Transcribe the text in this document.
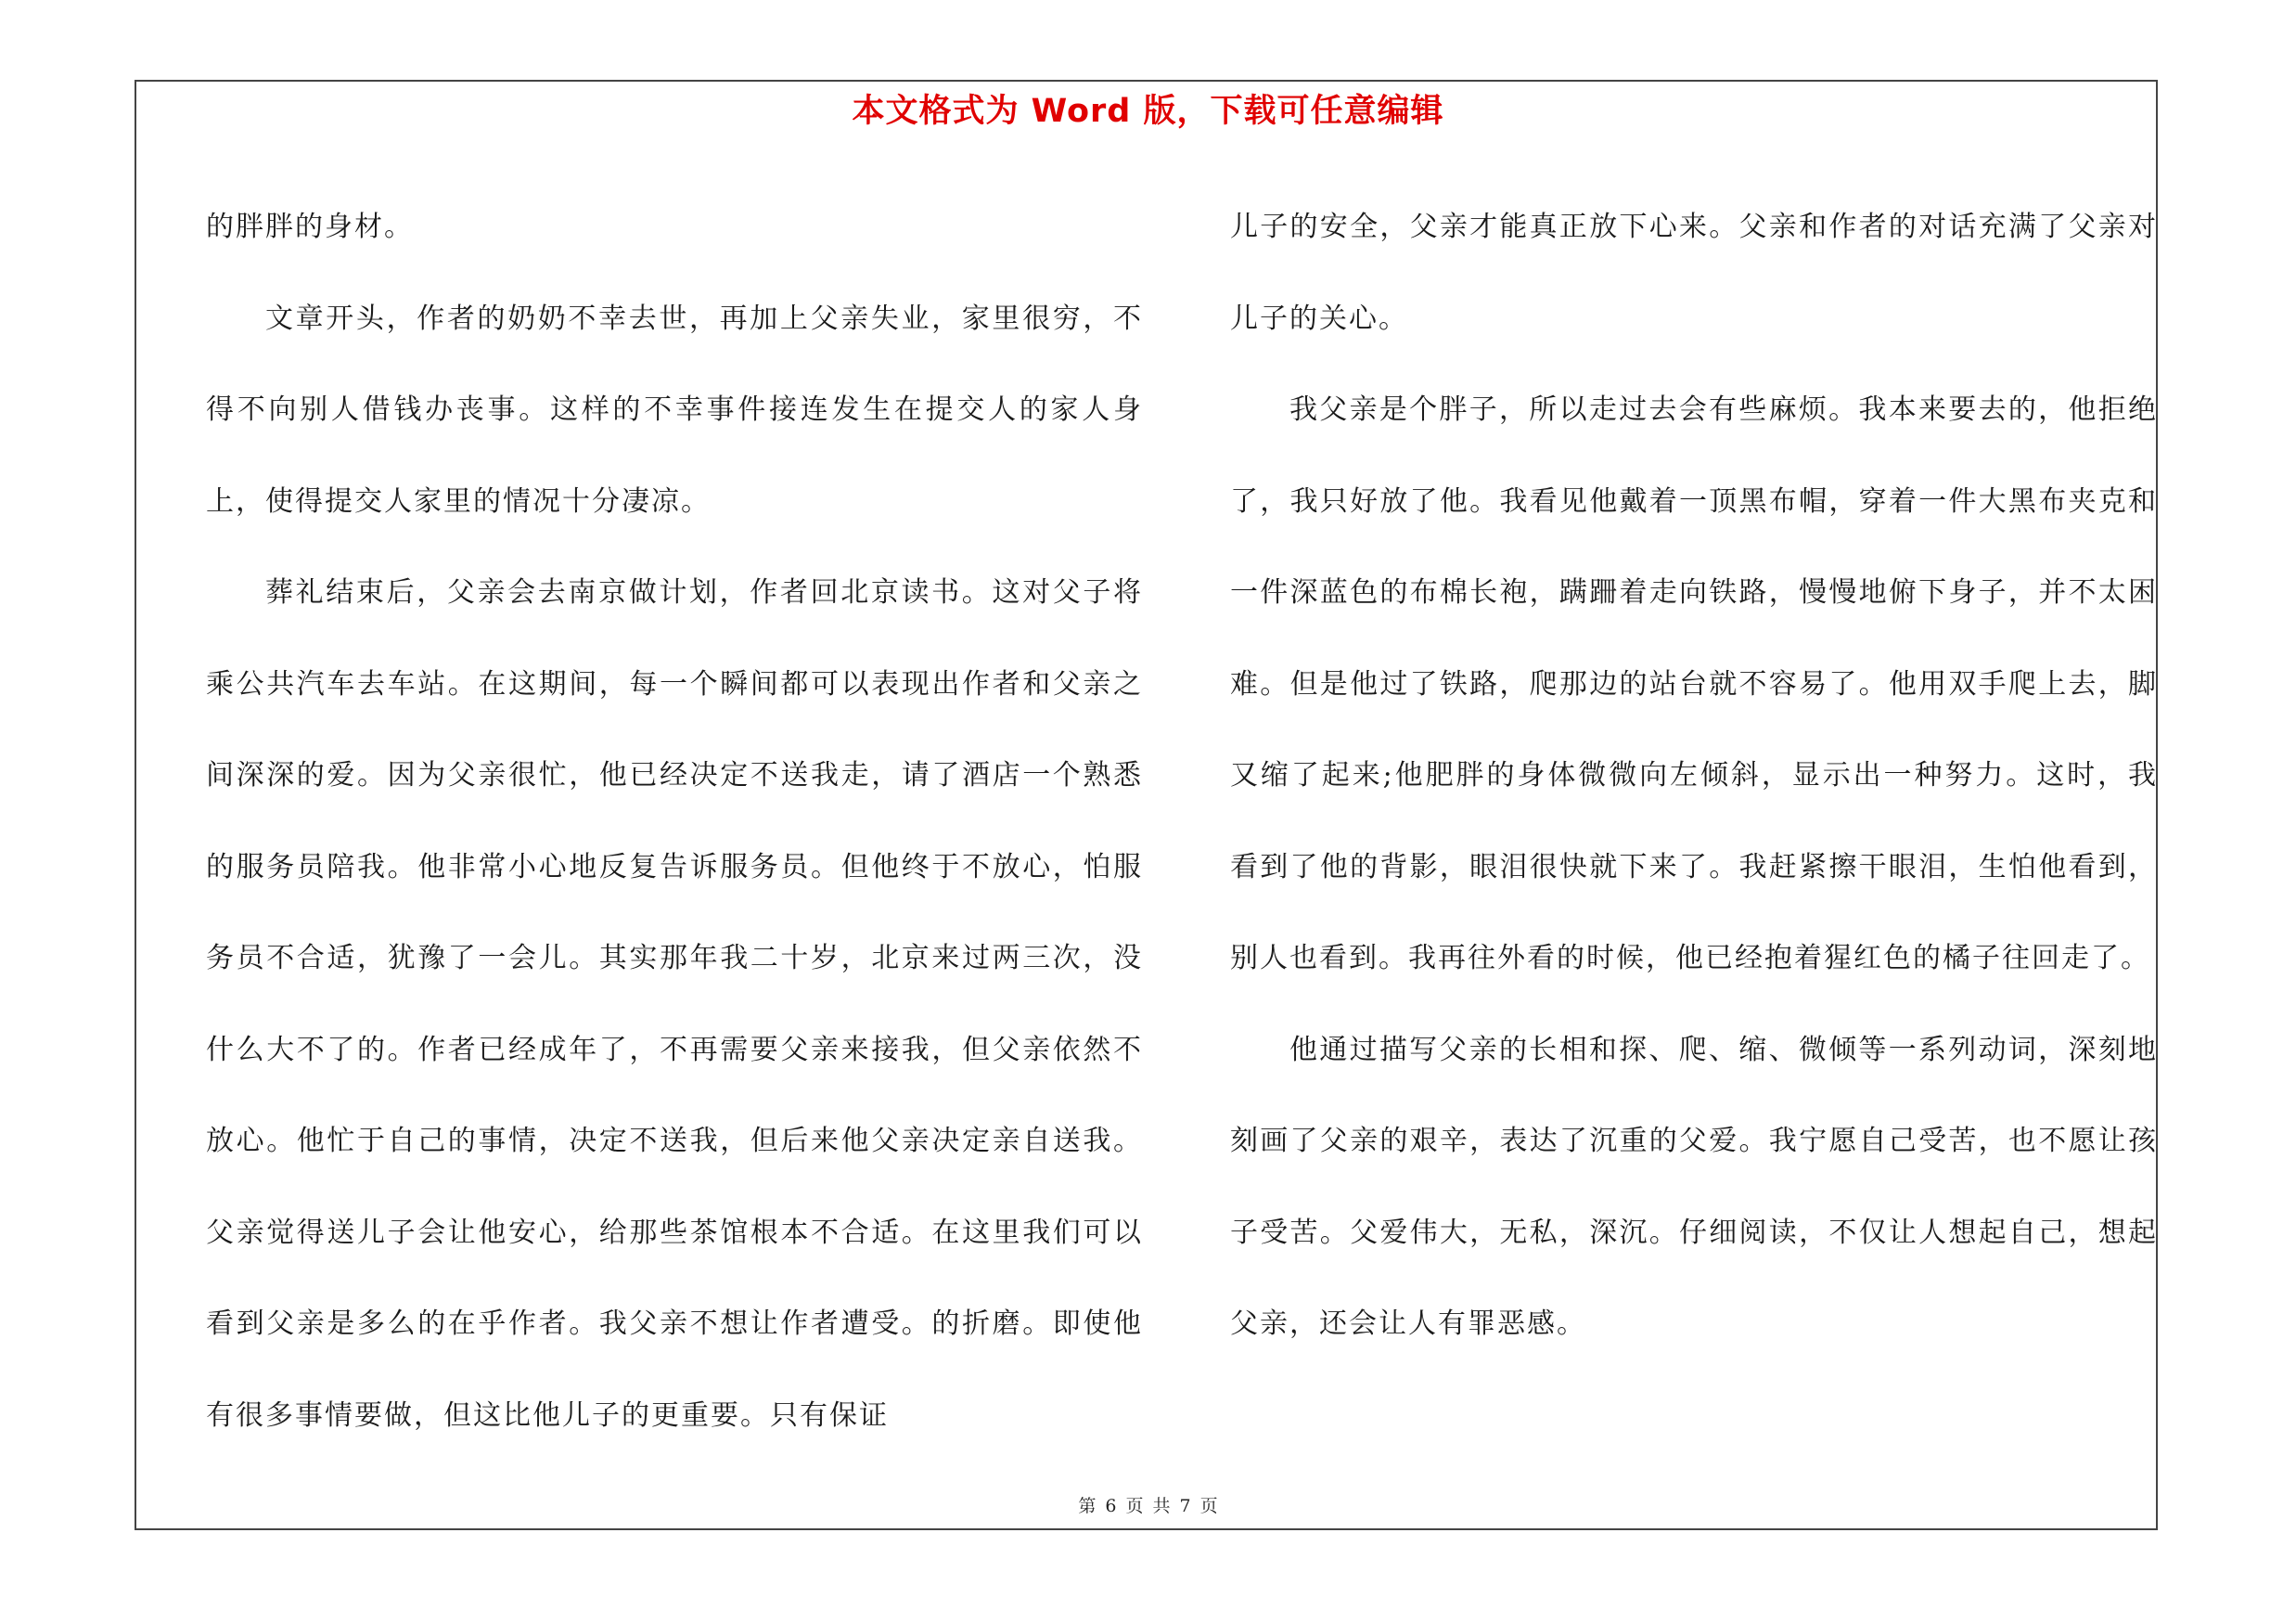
本文格式为 Word 版，下载可任意编辑

的胖胖的身材。

文章开头，作者的奶奶不幸去世，再加上父亲失业，家里很穷，不得不向别人借钱办丧事。这样的不幸事件接连发生在提交人的家人身上，使得提交人家里的情况十分凄凉。

葬礼结束后，父亲会去南京做计划，作者回北京读书。这对父子将乘公共汽车去车站。在这期间，每一个瞬间都可以表现出作者和父亲之间深深的爱。因为父亲很忙，他已经决定不送我走，请了酒店一个熟悉的服务员陪我。他非常小心地反复告诉服务员。但他终于不放心，怕服务员不合适，犹豫了一会儿。其实那年我二十岁，北京来过两三次，没什么大不了的。作者已经成年了，不再需要父亲来接我，但父亲依然不放心。他忙于自己的事情，决定不送我，但后来他父亲决定亲自送我。父亲觉得送儿子会让他安心，给那些茶馆根本不合适。在这里我们可以看到父亲是多么的在乎作者。我父亲不想让作者遭受。的折磨。即使他有很多事情要做，但这比他儿子的更重要。只有保证

儿子的安全，父亲才能真正放下心来。父亲和作者的对话充满了父亲对儿子的关心。

我父亲是个胖子，所以走过去会有些麻烦。我本来要去的，他拒绝了，我只好放了他。我看见他戴着一顶黑布帽，穿着一件大黑布夹克和一件深蓝色的布棉长袍，蹒跚着走向铁路，慢慢地俯下身子，并不太困难。但是他过了铁路，爬那边的站台就不容易了。他用双手爬上去，脚又缩了起来;他肥胖的身体微微向左倾斜，显示出一种努力。这时，我看到了他的背影，眼泪很快就下来了。我赶紧擦干眼泪，生怕他看到，别人也看到。我再往外看的时候，他已经抱着猩红色的橘子往回走了。

他通过描写父亲的长相和探、爬、缩、微倾等一系列动词，深刻地刻画了父亲的艰辛，表达了沉重的父爱。我宁愿自己受苦，也不愿让孩子受苦。父爱伟大，无私，深沉。仔细阅读，不仅让人想起自己，想起父亲，还会让人有罪恶感。

第 6 页 共 7 页
